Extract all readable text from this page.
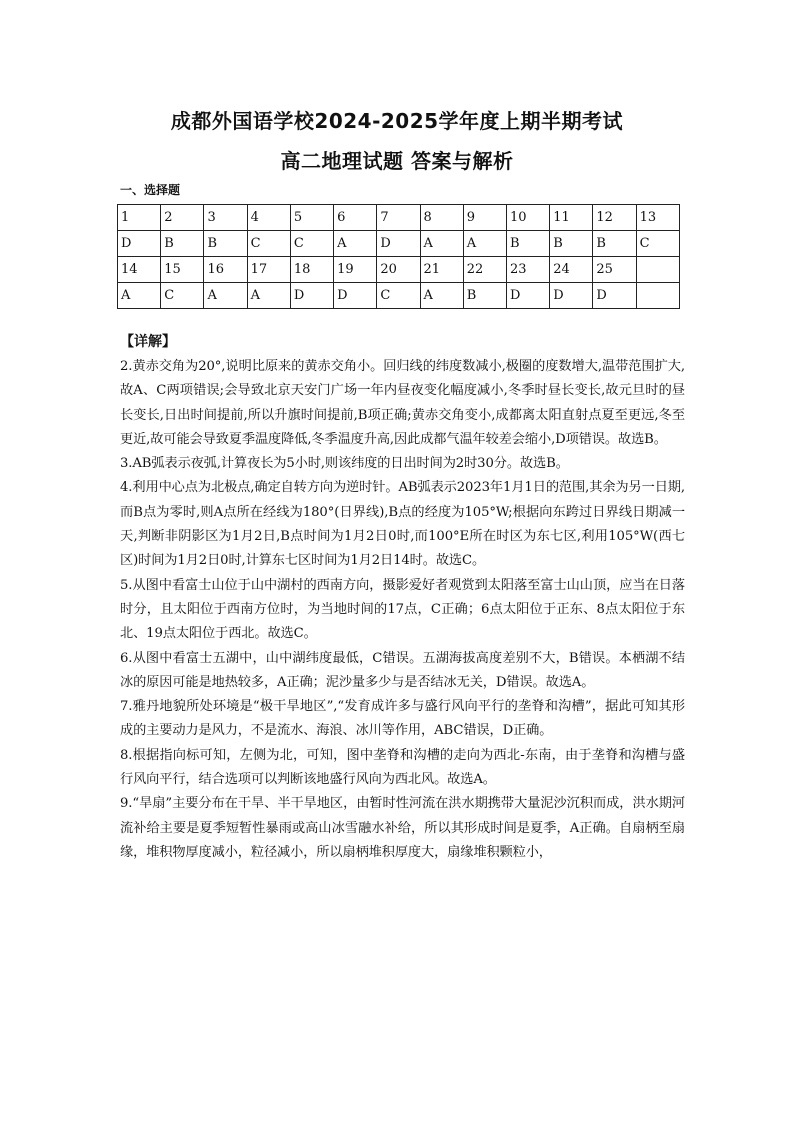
成都外国语学校2024-2025学年度上期半期考试
高二地理试题 答案与解析
一、选择题
1	2	3	4	5	6	7	8	9	10	11	12	13
D	B	B	C	C	A	D	A	A	B	B	B	C
14	15	16	17	18	19	20	21	22	23	24	25	
A	C	A	A	D	D	C	A	B	D	D	D	
【详解】

2.黄赤交角为20°,说明比原来的黄赤交角小。回归线的纬度数减小,极圈的度数增大,温带范围扩大,故A、C两项错误;会导致北京天安门广场一年内昼夜变化幅度减小,冬季时昼长变长,故元旦时的昼长变长,日出时间提前,所以升旗时间提前,B项正确;黄赤交角变小,成都离太阳直射点夏至更远,冬至更近,故可能会导致夏季温度降低,冬季温度升高,因此成都气温年较差会缩小,D项错误。故选B。

3.AB弧表示夜弧,计算夜长为5小时,则该纬度的日出时间为2时30分。故选B。

4.利用中心点为北极点,确定自转方向为逆时针。AB弧表示2023年1月1日的范围,其余为另一日期,而B点为零时,则A点所在经线为180°(日界线),B点的经度为105°W;根据向东跨过日界线日期减一天,判断非阴影区为1月2日,B点时间为1月2日0时,而100°E所在时区为东七区,利用105°W(西七区)时间为1月2日0时,计算东七区时间为1月2日14时。故选C。

5.从图中看富士山位于山中湖村的西南方向，摄影爱好者观赏到太阳落至富士山山顶，应当在日落时分，且太阳位于西南方位时，为当地时间的17点，C正确；6点太阳位于正东、8点太阳位于东北、19点太阳位于西北。故选C。

6.从图中看富士五湖中，山中湖纬度最低，C错误。五湖海拔高度差别不大，B错误。本栖湖不结冰的原因可能是地热较多，A正确；泥沙量多少与是否结冰无关，D错误。故选A。

7.雅丹地貌所处环境是“极干旱地区”,“发育成许多与盛行风向平行的垄脊和沟槽”，据此可知其形成的主要动力是风力，不是流水、海浪、冰川等作用，ABC错误，D正确。

8.根据指向标可知，左侧为北，可知，图中垄脊和沟槽的走向为西北-东南，由于垄脊和沟槽与盛行风向平行，结合选项可以判断该地盛行风向为西北风。故选A。

9.“旱扇”主要分布在干旱、半干旱地区，由暂时性河流在洪水期携带大量泥沙沉积而成，洪水期河流补给主要是夏季短暂性暴雨或高山冰雪融水补给，所以其形成时间是夏季，A正确。自扇柄至扇缘，堆积物厚度减小，粒径减小，所以扇柄堆积厚度大，扇缘堆积颗粒小，
